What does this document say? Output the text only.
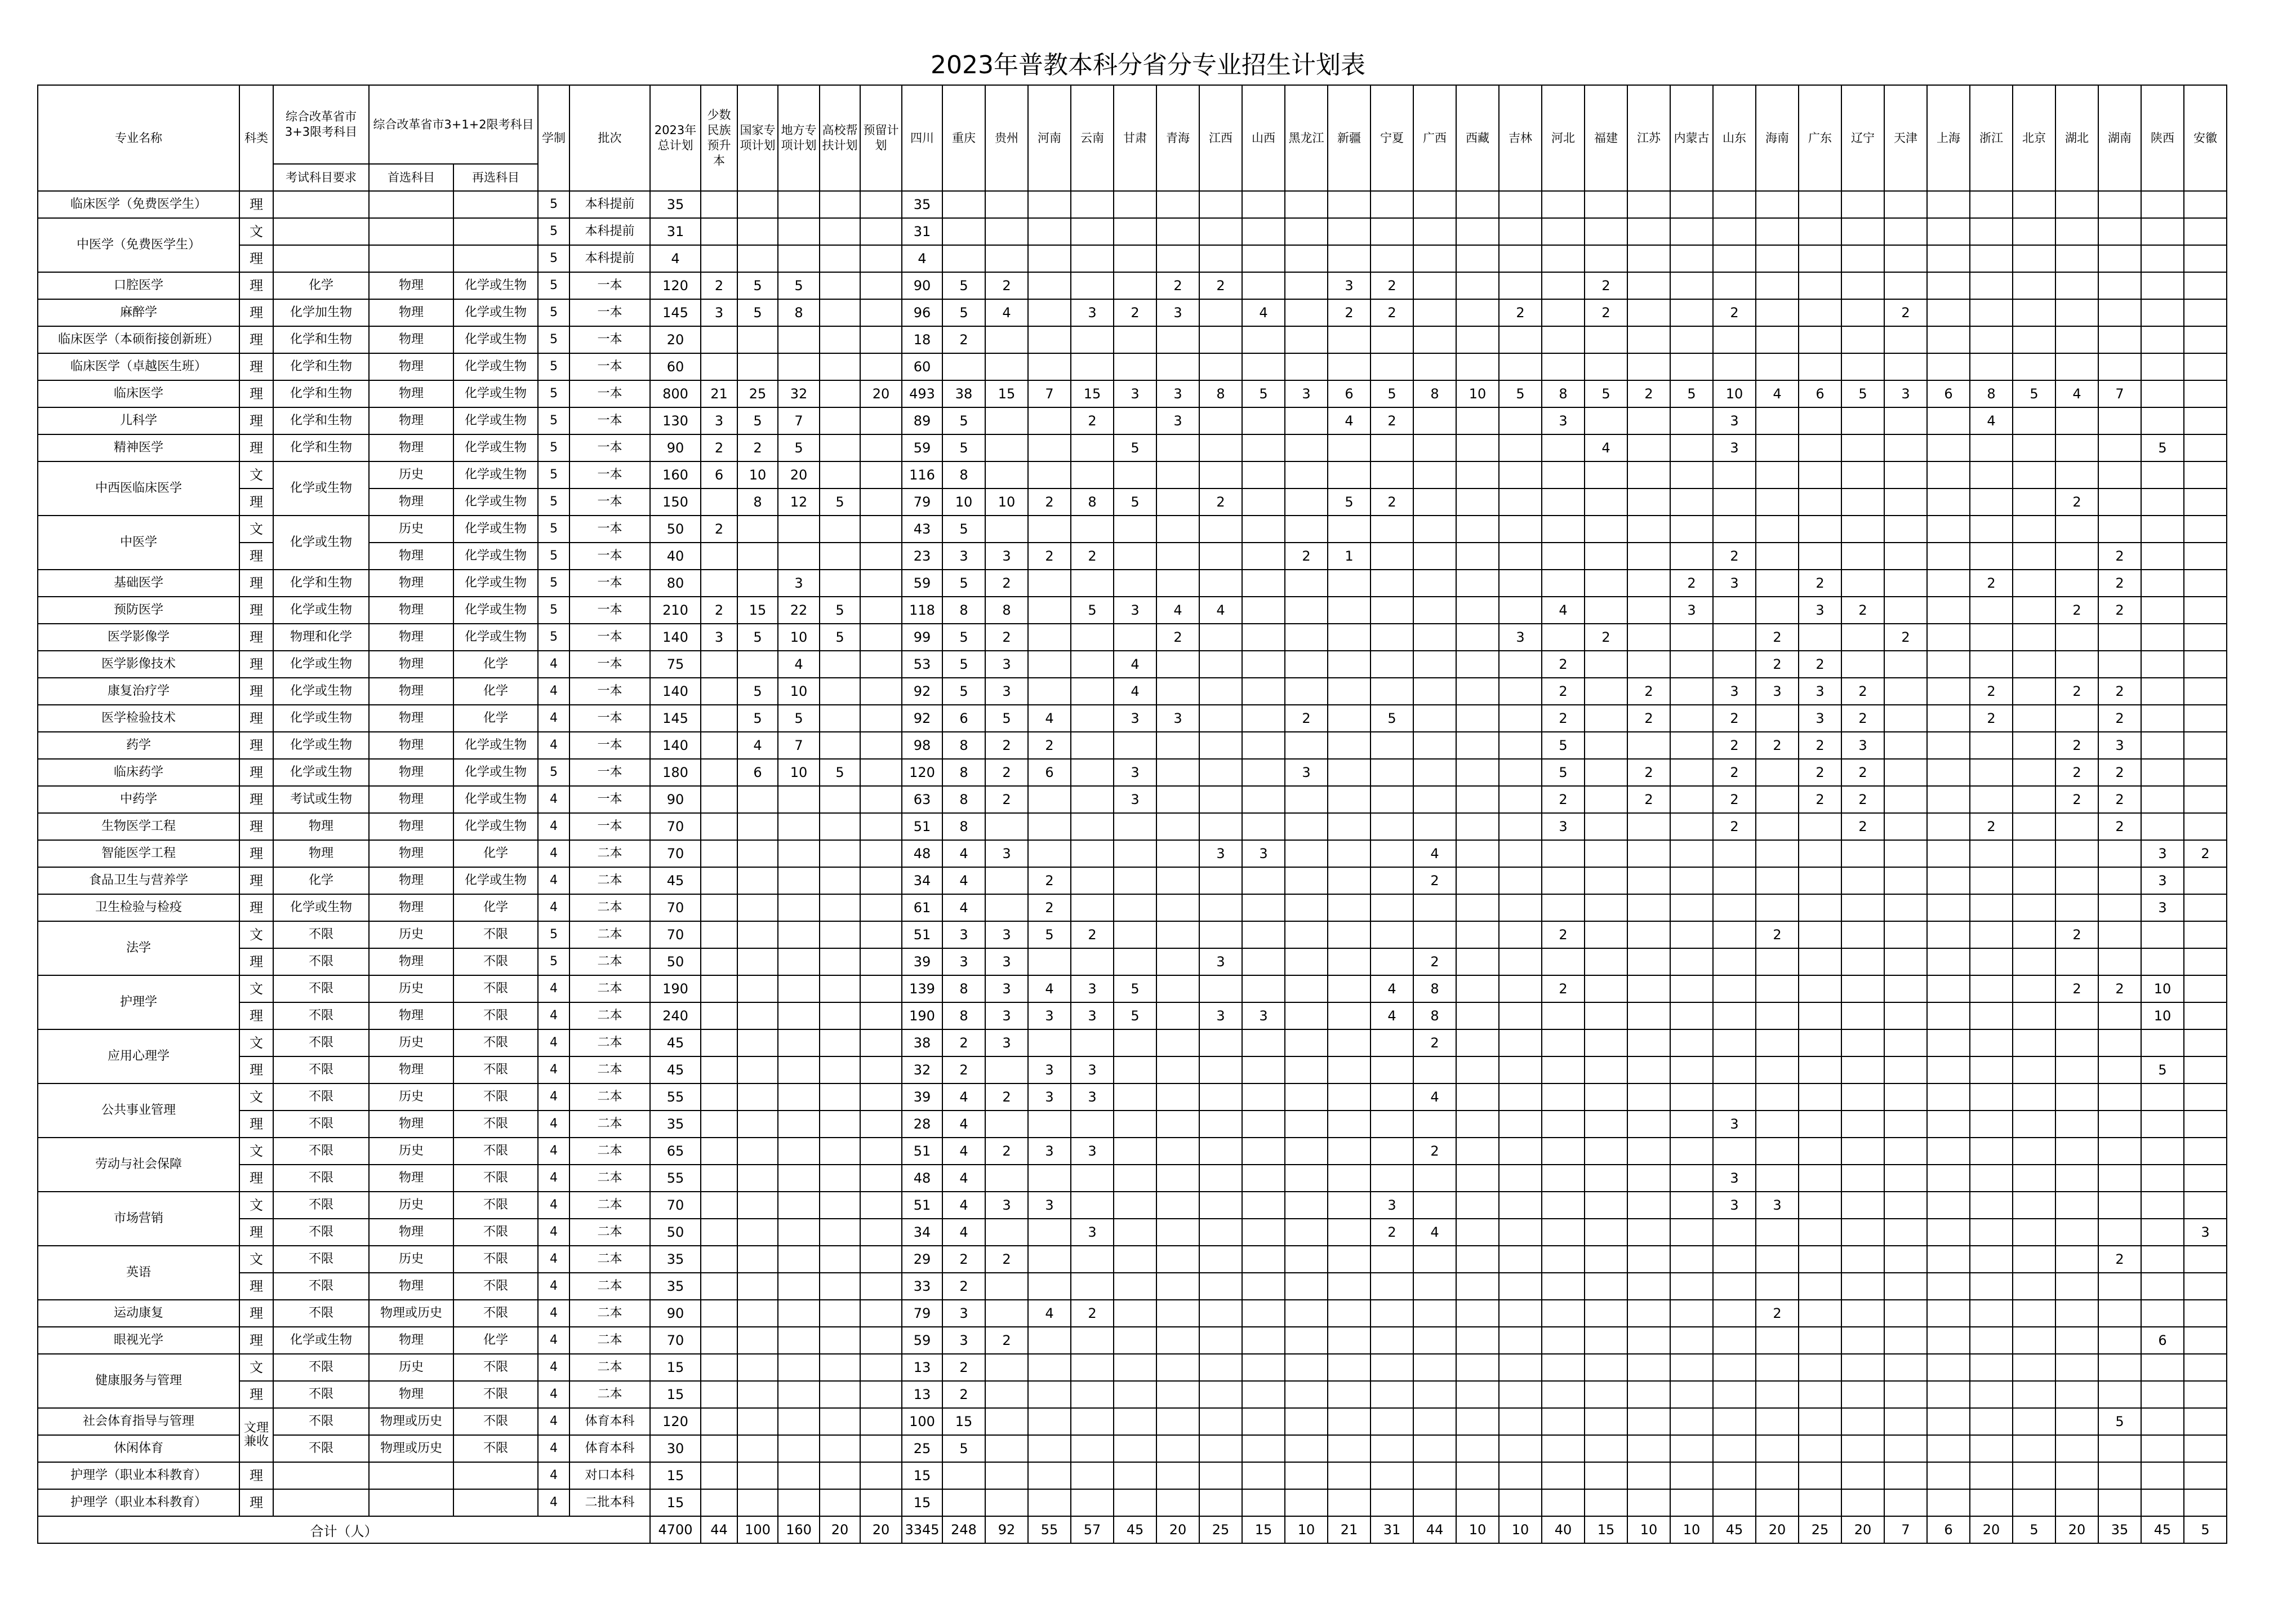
2023年普教本科分省分专业招生计划表
专业名称	科类	综合改革省市3+3限考科目	综合改革省市3+1+2限考科目		学制	批次	2023年总计划	少数民族预升本	国家专项计划	地方专项计划	高校帮扶计划	预留计划	四川	重庆	贵州	河南	云南	甘肃	青海	江西	山西	黑龙江	新疆	宁夏	广西	西藏	吉林	河北	福建	江苏	内蒙古	山东	海南	广东	辽宁	天津	上海	浙江	北京	湖北	湖南	陕西	安徽
		考试科目要求	首选科目	再选科目																																							
临床医学（免费医学生）	理				5	本科提前	35						35																														
中医学（免费医学生）	文				5	本科提前	31						31																														
	理				5	本科提前	4						4																														
口腔医学	理	化学	物理	化学或生物	5	一本	120	2	5	5			90	5	2				2	2			3	2					2														
麻醉学	理	化学加生物	物理	化学或生物	5	一本	145	3	5	8			96	5	4		3	2	3		4		2	2			2		2			2				2							
临床医学（本硕衔接创新班）	理	化学和生物	物理	化学或生物	5	一本	20						18	2																													
临床医学（卓越医生班）	理	化学和生物	物理	化学或生物	5	一本	60						60																														
临床医学	理	化学和生物	物理	化学或生物	5	一本	800	21	25	32		20	493	38	15	7	15	3	3	8	5	3	6	5	8	10	5	8	5	2	5	10	4	6	5	3	6	8	5	4	7		
儿科学	理	化学和生物	物理	化学或生物	5	一本	130	3	5	7			89	5			2		3				4	2				3				3						4					
精神医学	理	化学和生物	物理	化学或生物	5	一本	90	2	2	5			59	5				5											4			3										5	
中西医临床医学	文	化学或生物	历史	化学或生物	5	一本	160	6	10	20			116	8																													
	理		物理	化学或生物	5	一本	150		8	12	5		79	10	10	2	8	5		2			5	2																2			
中医学	文	化学或生物	历史	化学或生物	5	一本	50	2					43	5																													
	理		物理	化学或生物	5	一本	40						23	3	3	2	2					2	1									2									2		
基础医学	理	化学和生物	物理	化学或生物	5	一本	80			3			59	5	2																2	3		2				2			2		
预防医学	理	化学或生物	物理	化学或生物	5	一本	210	2	15	22	5		118	8	8		5	3	4	4								4			3			3	2					2	2		
医学影像学	理	物理和化学	物理	化学或生物	5	一本	140	3	5	10	5		99	5	2				2								3		2				2			2							
医学影像技术	理	化学或生物	物理	化学	4	一本	75			4			53	5	3			4										2					2	2									
康复治疗学	理	化学或生物	物理	化学	4	一本	140		5	10			92	5	3			4										2		2		3	3	3	2			2		2	2		
医学检验技术	理	化学或生物	物理	化学	4	一本	145		5	5			92	6	5	4		3	3			2		5				2		2		2		3	2			2			2		
药学	理	化学或生物	物理	化学或生物	4	一本	140		4	7			98	8	2	2												5				2	2	2	3					2	3		
临床药学	理	化学或生物	物理	化学或生物	5	一本	180		6	10	5		120	8	2	6		3				3						5		2		2		2	2					2	2		
中药学	理	考试或生物	物理	化学或生物	4	一本	90						63	8	2			3										2		2		2		2	2					2	2		
生物医学工程	理	物理	物理	化学或生物	4	一本	70						51	8														3				2			2			2			2		
智能医学工程	理	物理	物理	化学	4	二本	70						48	4	3					3	3				4																	3	2
食品卫生与营养学	理	化学	物理	化学或生物	4	二本	45						34	4		2									2																	3	
卫生检验与检疫	理	化学或生物	物理	化学	4	二本	70						61	4		2																										3	
法学	文	不限	历史	不限	5	二本	70						51	3	3	5	2											2					2							2			
	理	不限	物理	不限	5	二本	50						39	3	3					3					2																		
护理学	文	不限	历史	不限	4	二本	190						139	8	3	4	3	5						4	8			2												2	2	10	
	理	不限	物理	不限	4	二本	240						190	8	3	3	3	5		3	3			4	8																	10	
应用心理学	文	不限	历史	不限	4	二本	45						38	2	3										2																		
	理	不限	物理	不限	4	二本	45						32	2		3	3																									5	
公共事业管理	文	不限	历史	不限	4	二本	55						39	4	2	3	3								4																		
	理	不限	物理	不限	4	二本	35						28	4																		3											
劳动与社会保障	文	不限	历史	不限	4	二本	65						51	4	2	3	3								2																		
	理	不限	物理	不限	4	二本	55						48	4																		3											
市场营销	文	不限	历史	不限	4	二本	70						51	4	3	3								3								3	3										
	理	不限	物理	不限	4	二本	50						34	4			3							2	4																		3
英语	文	不限	历史	不限	4	二本	35						29	2	2																										2		
	理	不限	物理	不限	4	二本	35						33	2																													
运动康复	理	不限	物理或历史	不限	4	二本	90						79	3		4	2																2										
眼视光学	理	化学或生物	物理	化学	4	二本	70						59	3	2																											6	
健康服务与管理	文	不限	历史	不限	4	二本	15						13	2																													
	理	不限	物理	不限	4	二本	15						13	2																													
社会体育指导与管理	文理兼收	不限	物理或历史	不限	4	体育本科	120						100	15																											5		
休闲体育		不限	物理或历史	不限	4	体育本科	30						25	5																													
护理学（职业本科教育）	理				4	对口本科	15						15																														
护理学（职业本科教育）	理				4	二批本科	15						15																														
合计（人）							4700	44	100	160	20	20	3345	248	92	55	57	45	20	25	15	10	21	31	44	10	10	40	15	10	10	45	20	25	20	7	6	20	5	20	35	45	5
